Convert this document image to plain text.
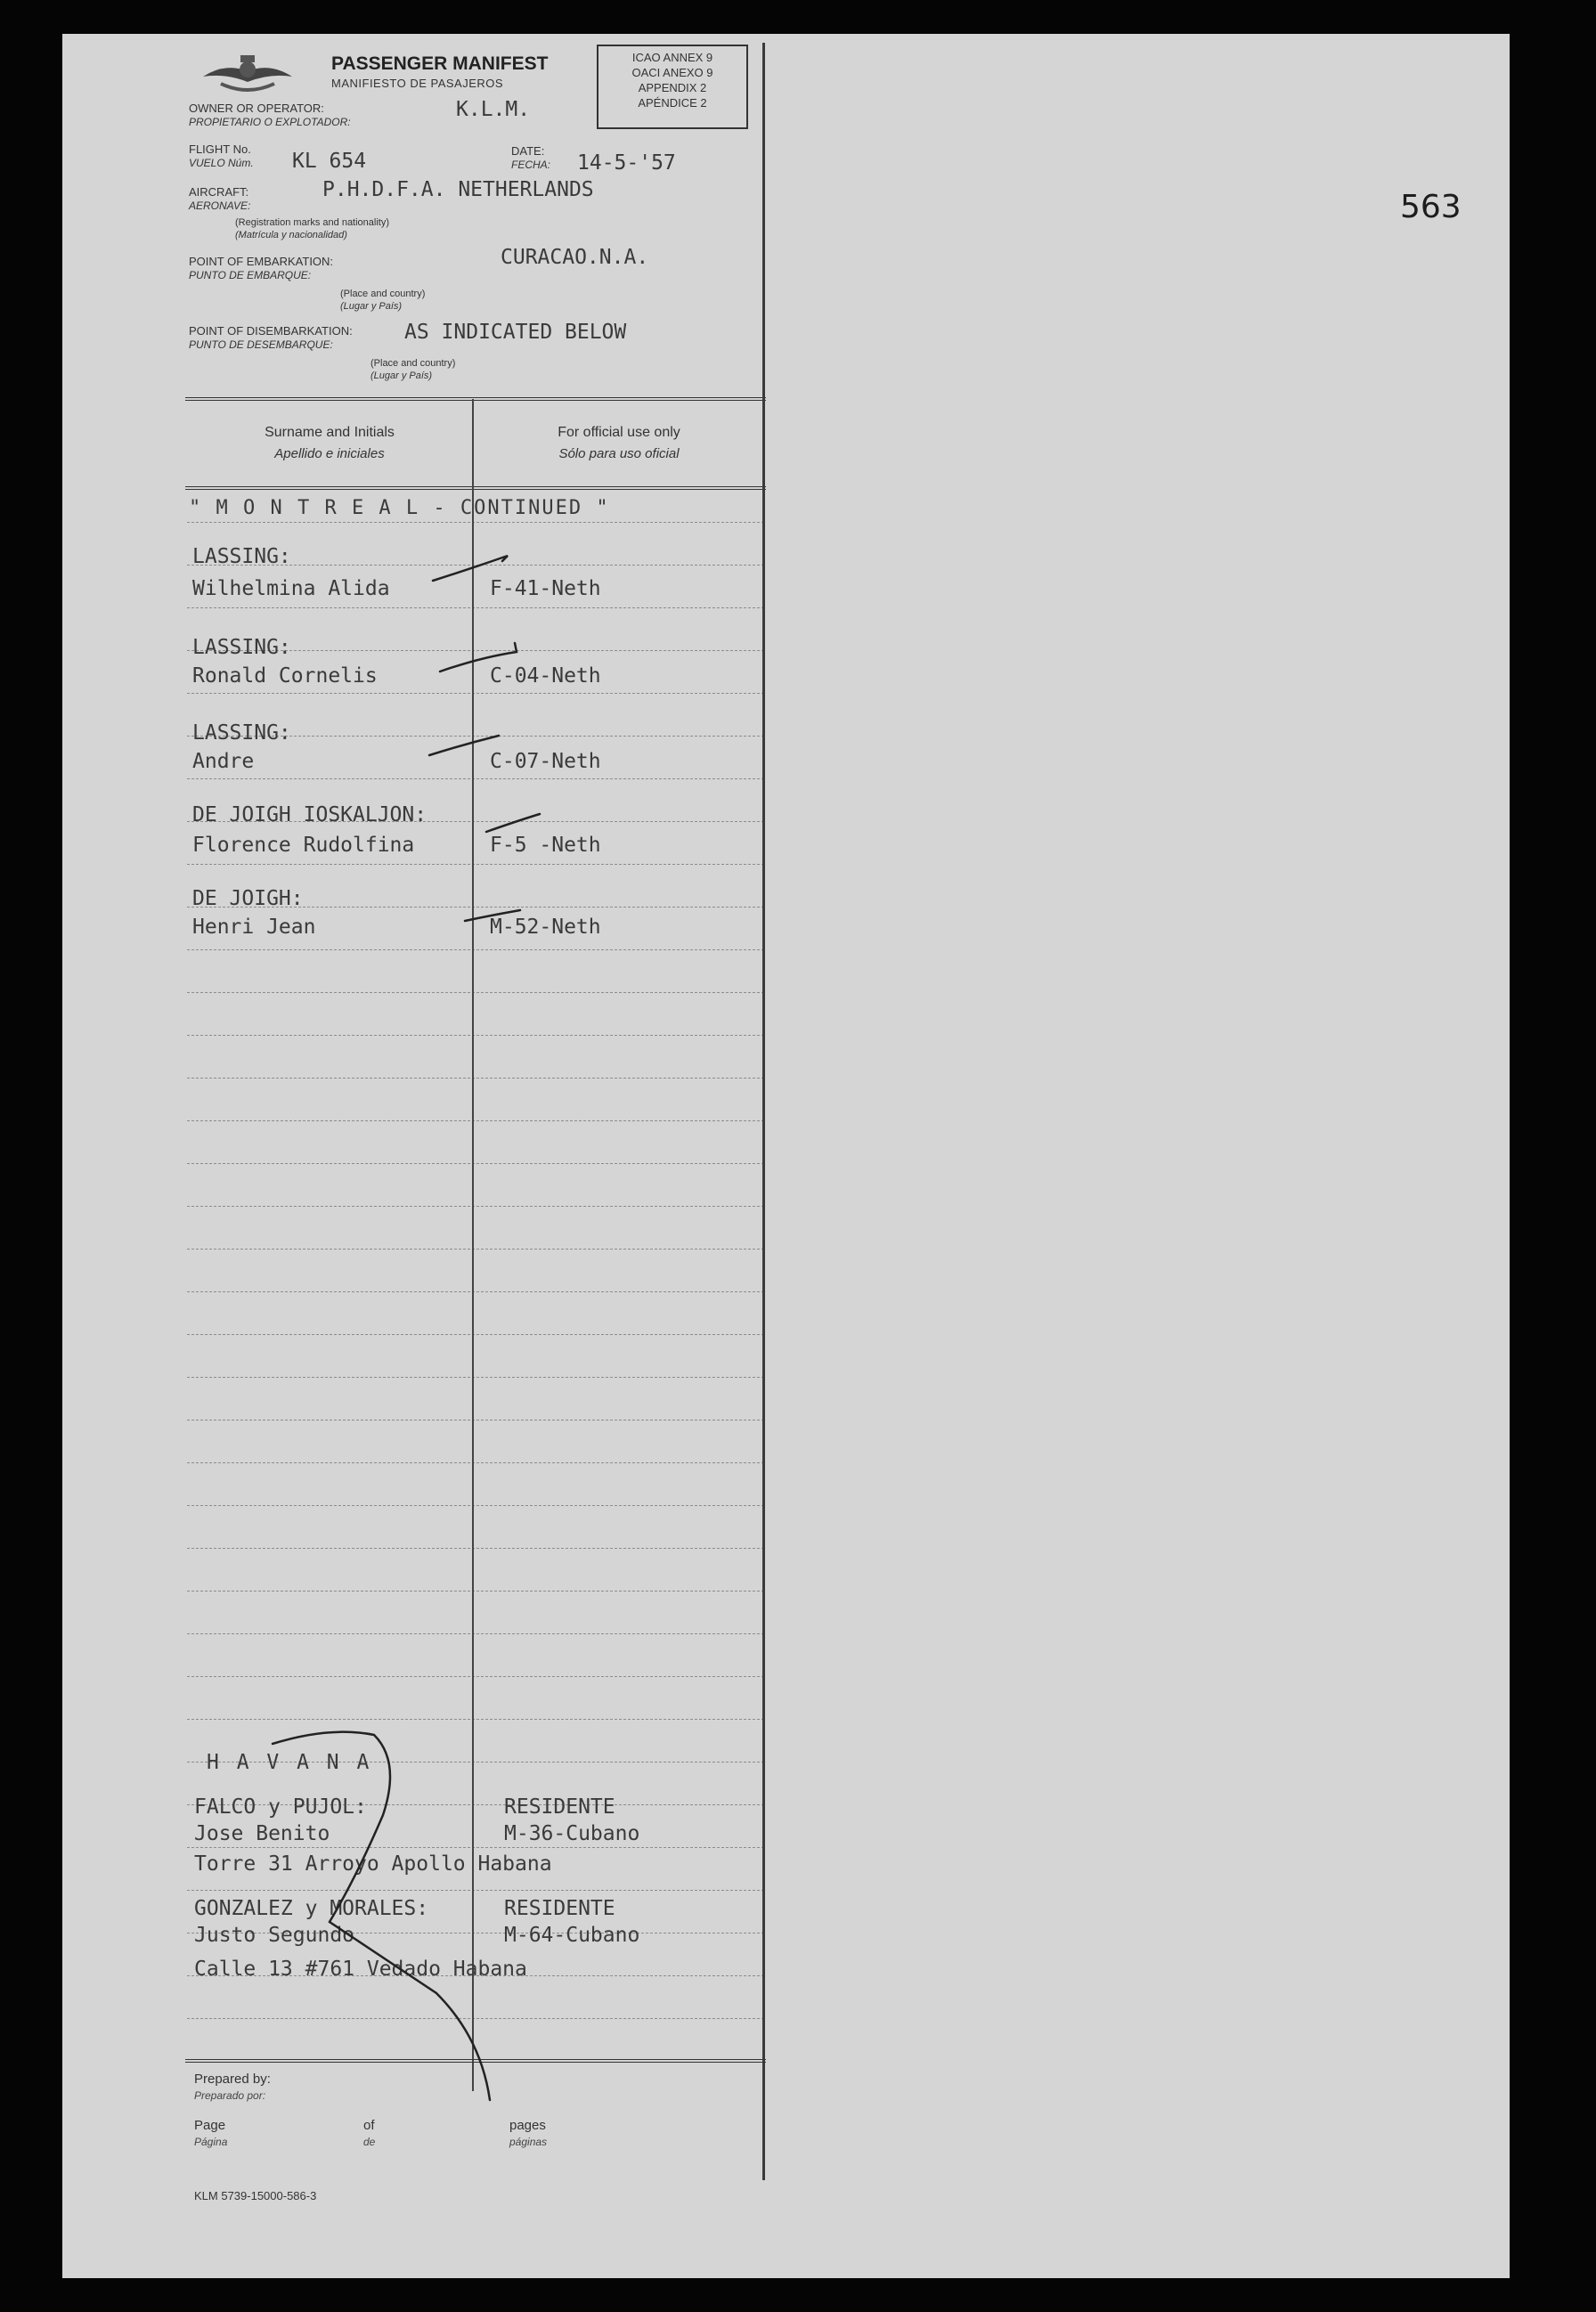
563
PASSENGER MANIFEST
MANIFIESTO DE PASAJEROS
ICAO ANNEX 9
OACI ANEXO 9
APPENDIX 2
APÉNDICE 2
OWNER OR OPERATOR:
PROPIETARIO O EXPLOTADOR:
K.L.M.
FLIGHT No.
VUELO Núm. KL 654	DATE:
FECHA: 14-5-'57
AIRCRAFT:
AERONAVE:
P.H.D.F.A. NETHERLANDS
(Registration marks and nationality)
(Matrícula y nacionalidad)
POINT OF EMBARKATION:
PUNTO DE EMBARQUE:
CURACAO.N.A.
(Place and country)
(Lugar y País)
POINT OF DISEMBARKATION:
PUNTO DE DESEMBARQUE:
AS INDICATED BELOW
(Place and country)
(Lugar y País)
Surname and Initials
Apellido e iniciales
For official use only
Sólo para uso oficial
" M O N T R E A L - CONTINUED "
LASSING:
Wilhelmina Alida	F-41-Neth
LASSING:
Ronald Cornelis	C-04-Neth
LASSING:
Andre	C-07-Neth
DE JOIGH IOSKALJON:
Florence Rudolfina	F-5 -Neth
DE JOIGH:
Henri Jean	M-52-Neth
H A V A N A
FALCO y PUJOL:	RESIDENTE
Jose Benito	M-36-Cubano
Torre 31 Arroyo Apollo Habana
GONZALEZ y MORALES:	RESIDENTE
Justo Segundo	M-64-Cubano
Calle 13 #761 Vedado Habana
Prepared by:
Preparado por:
Page
Página
of
de
pages
páginas
KLM 5739-15000-586-3
